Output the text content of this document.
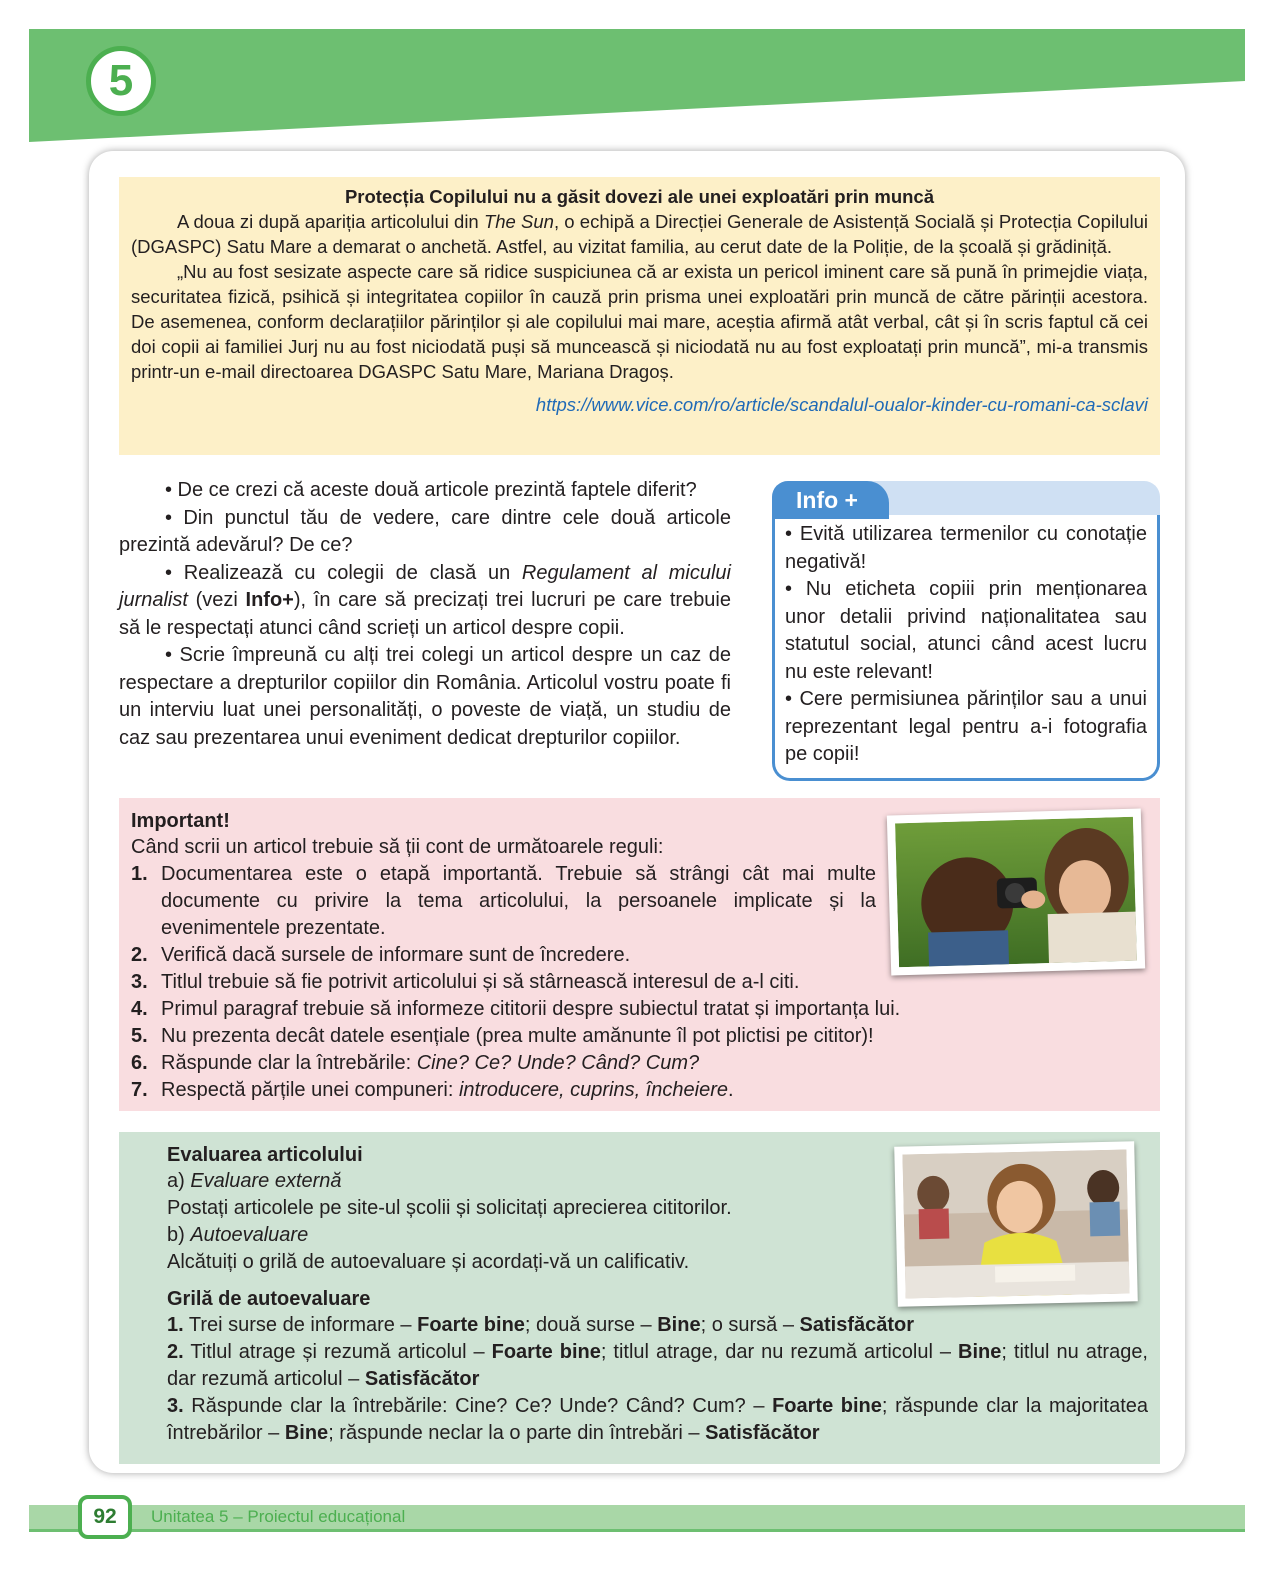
5
Protecția Copilului nu a găsit dovezi ale unei exploatări prin muncă

A doua zi după apariția articolului din The Sun, o echipă a Direcției Generale de Asistență Socială și Protecția Copilului (DGASPC) Satu Mare a demarat o anchetă. Astfel, au vizitat familia, au cerut date de la Poliție, de la școală și grădiniță.

„Nu au fost sesizate aspecte care să ridice suspiciunea că ar exista un pericol iminent care să pună în primejdie viața, securitatea fizică, psihică și integritatea copiilor în cauză prin prisma unei exploatări prin muncă de către părinții acestora. De asemenea, conform declarațiilor părinților și ale copilului mai mare, aceștia afirmă atât verbal, cât și în scris faptul că cei doi copii ai familiei Jurj nu au fost niciodată puși să muncească și niciodată nu au fost exploatați prin muncă”, mi-a transmis printr-un e-mail directoarea DGASPC Satu Mare, Mariana Dragoș.

https://www.vice.com/ro/article/scandalul-oualor-kinder-cu-romani-ca-sclavi

• De ce crezi că aceste două articole prezintă faptele diferit?

• Din punctul tău de vedere, care dintre cele două articole prezintă adevărul? De ce?

• Realizează cu colegii de clasă un Regulament al micului jurnalist (vezi Info+), în care să precizați trei lucruri pe care trebuie să le respectați atunci când scrieți un articol despre copii.

• Scrie împreună cu alți trei colegi un articol despre un caz de respectare a drepturilor copiilor din România. Articolul vostru poate fi un interviu luat unei personalități, o poveste de viață, un studiu de caz sau prezentarea unui eveniment dedicat drepturilor copiilor.

Info +

• Evită utilizarea termenilor cu conotație negativă!

• Nu eticheta copiii prin menționarea unor detalii privind naționalitatea sau statutul social, atunci când acest lucru nu este relevant!

• Cere permisiunea părinților sau a unui reprezentant legal pentru a-i fotografia pe copii!

Important!

Când scrii un articol trebuie să ții cont de următoarele reguli:

1. Documentarea este o etapă importantă. Trebuie să strângi cât mai multe documente cu privire la tema articolului, la persoanele implicate și la evenimentele prezentate.
2. Verifică dacă sursele de informare sunt de încredere.
3. Titlul trebuie să fie potrivit articolului și să stârnească interesul de a-l citi.
4. Primul paragraf trebuie să informeze cititorii despre subiectul tratat și importanța lui.
5. Nu prezenta decât datele esențiale (prea multe amănunte îl pot plictisi pe cititor)!
6. Răspunde clar la întrebările: Cine? Ce? Unde? Când? Cum?
7. Respectă părțile unei compuneri: introducere, cuprins, încheiere.
Evaluarea articolului

a) Evaluare externă

Postați articolele pe site-ul școlii și solicitați aprecierea cititorilor.

b) Autoevaluare

Alcătuiți o grilă de autoevaluare și acordați-vă un calificativ.

Grilă de autoevaluare

1. Trei surse de informare – Foarte bine; două surse – Bine; o sursă – Satisfăcător

2. Titlul atrage și rezumă articolul – Foarte bine; titlul atrage, dar nu rezumă articolul – Bine; titlul nu atrage, dar rezumă articolul – Satisfăcător

3. Răspunde clar la întrebările: Cine? Ce? Unde? Când? Cum? – Foarte bine; răspunde clar la majoritatea întrebărilor – Bine; răspunde neclar la o parte din întrebări – Satisfăcător

92	Unitatea 5 – Proiectul educațional
